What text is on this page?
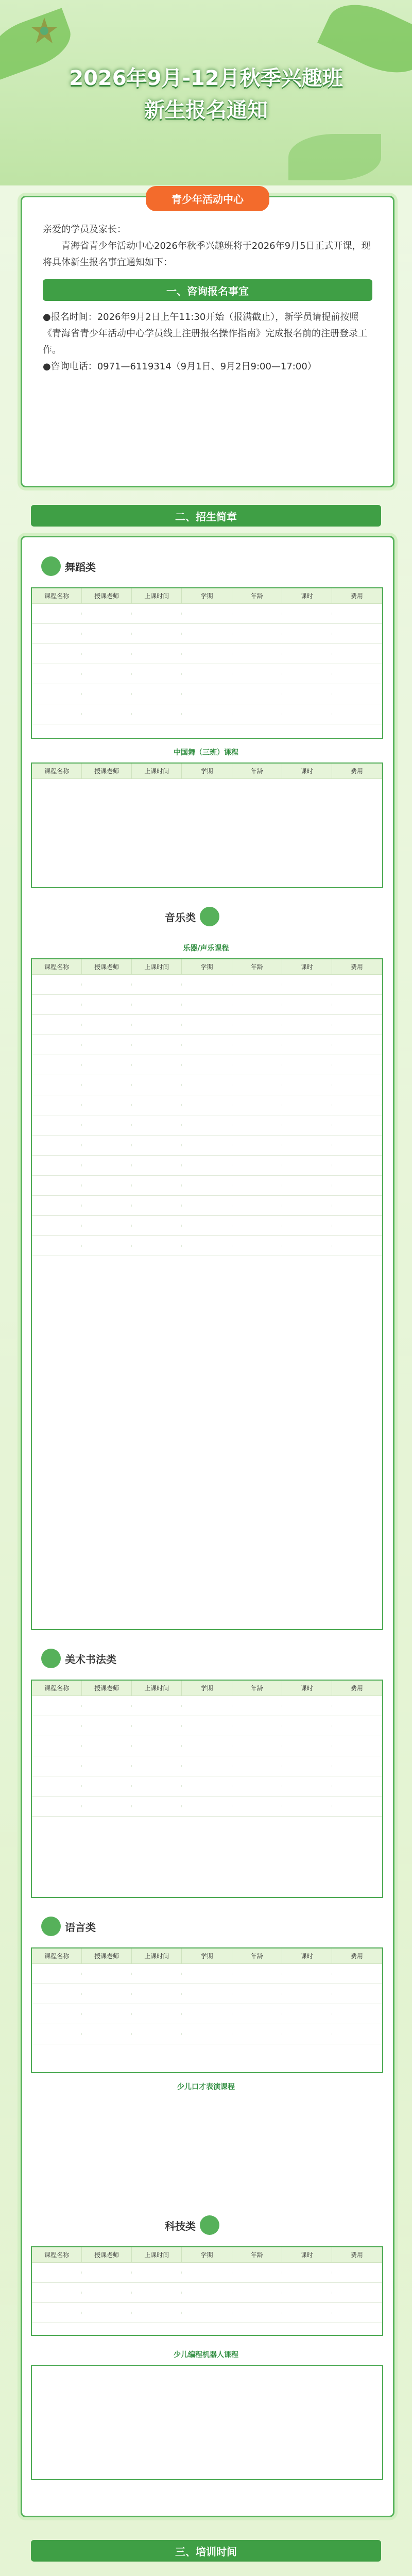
2026年9月-12月秋季兴趣班
新生报名通知
青少年活动中心
亲爱的学员及家长：
青海省青少年活动中心2026年秋季兴趣班将于2026年9月5日正式开课，现将具体新生报名事宜通知如下：
一、咨询报名事宜
●报名时间：2026年9月2日上午11:30开始（报满截止），新学员请提前按照《青海省青少年活动中心学员线上注册报名操作指南》完成报名前的注册登录工作。
●咨询电话：0971—6119314（9月1日、9月2日9:00—17:00）
二、招生简章
舞蹈类
课程名称	授课老师	上课时间	学期	年龄	课时	费用
中国舞（三班）课程
课程名称	授课老师	上课时间	学期	年龄	课时	费用
音乐类
乐器/声乐课程
课程名称	授课老师	上课时间	学期	年龄	课时	费用
美术书法类
课程名称	授课老师	上课时间	学期	年龄	课时	费用
语言类
课程名称	授课老师	上课时间	学期	年龄	课时	费用
少儿口才表演课程
科技类
课程名称	授课老师	上课时间	学期	年龄	课时	费用
少儿编程机器人课程
三、培训时间
